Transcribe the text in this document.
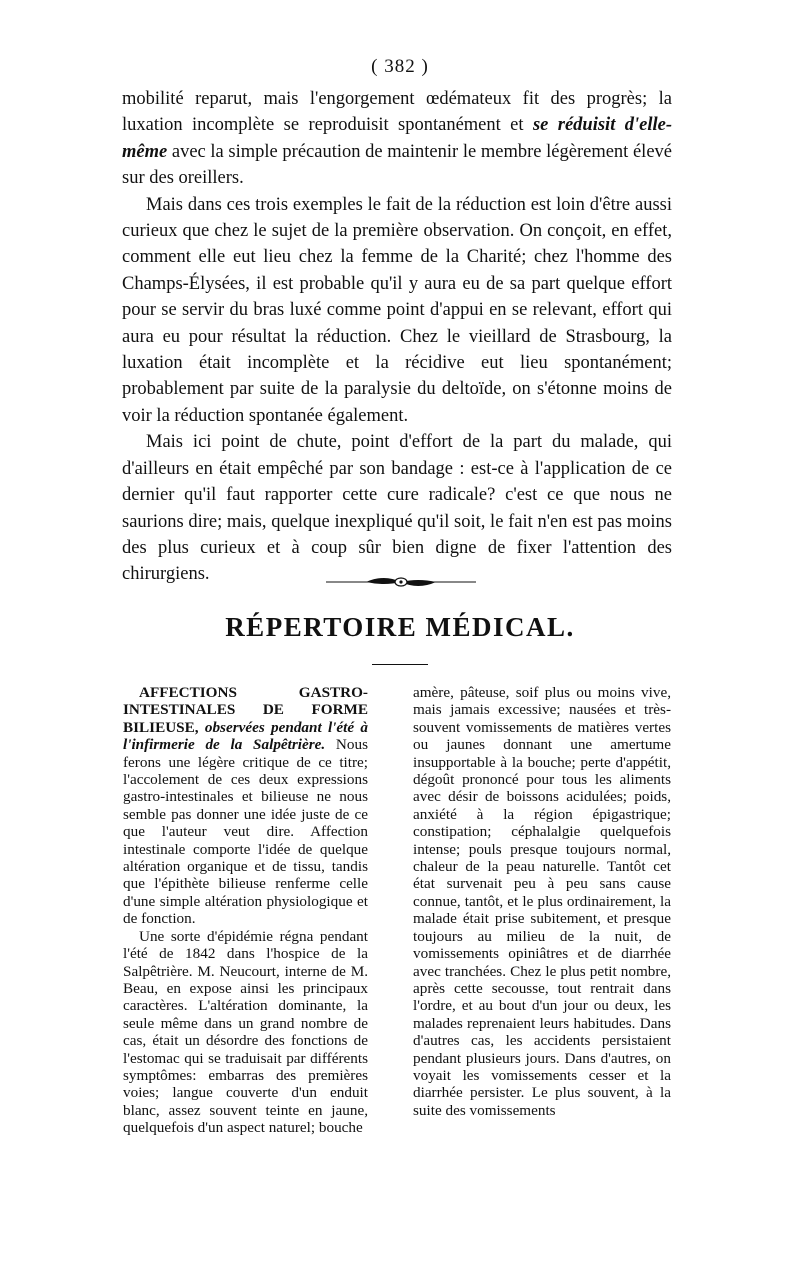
( 382 )

mobilité reparut, mais l'engorgement œdémateux fit des progrès; la luxation incomplète se reproduisit spontanément et se réduisit d'elle-même avec la simple précaution de maintenir le membre légèrement élevé sur des oreillers.

Mais dans ces trois exemples le fait de la réduction est loin d'être aussi curieux que chez le sujet de la première observation. On conçoit, en effet, comment elle eut lieu chez la femme de la Charité; chez l'homme des Champs-Élysées, il est probable qu'il y aura eu de sa part quelque effort pour se servir du bras luxé comme point d'appui en se relevant, effort qui aura eu pour résultat la réduction. Chez le vieillard de Strasbourg, la luxation était incomplète et la récidive eut lieu spontanément; probablement par suite de la paralysie du deltoïde, on s'étonne moins de voir la réduction spontanée également.

Mais ici point de chute, point d'effort de la part du malade, qui d'ailleurs en était empêché par son bandage : est-ce à l'application de ce dernier qu'il faut rapporter cette cure radicale? c'est ce que nous ne saurions dire; mais, quelque inexpliqué qu'il soit, le fait n'en est pas moins des plus curieux et à coup sûr bien digne de fixer l'attention des chirurgiens.

RÉPERTOIRE MÉDICAL.

AFFECTIONS GASTRO-INTESTINALES DE FORME BILIEUSE, observées pendant l'été à l'infirmerie de la Salpêtrière. Nous ferons une légère critique de ce titre; l'accolement de ces deux expressions gastro-intestinales et bilieuse ne nous semble pas donner une idée juste de ce que l'auteur veut dire. Affection intestinale comporte l'idée de quelque altération organique et de tissu, tandis que l'épithète bilieuse renferme celle d'une simple altération physiologique et de fonction.

Une sorte d'épidémie régna pendant l'été de 1842 dans l'hospice de la Salpêtrière. M. Neucourt, interne de M. Beau, en expose ainsi les principaux caractères. L'altération dominante, la seule même dans un grand nombre de cas, était un désordre des fonctions de l'estomac qui se traduisait par différents symptômes: embarras des premières voies; langue couverte d'un enduit blanc, assez souvent teinte en jaune, quelquefois d'un aspect naturel; bouche

amère, pâteuse, soif plus ou moins vive, mais jamais excessive; nausées et très-souvent vomissements de matières vertes ou jaunes donnant une amertume insupportable à la bouche; perte d'appétit, dégoût prononcé pour tous les aliments avec désir de boissons acidulées; poids, anxiété à la région épigastrique; constipation; céphalalgie quelquefois intense; pouls presque toujours normal, chaleur de la peau naturelle. Tantôt cet état survenait peu à peu sans cause connue, tantôt, et le plus ordinairement, la malade était prise subitement, et presque toujours au milieu de la nuit, de vomissements opiniâtres et de diarrhée avec tranchées. Chez le plus petit nombre, après cette secousse, tout rentrait dans l'ordre, et au bout d'un jour ou deux, les malades reprenaient leurs habitudes. Dans d'autres cas, les accidents persistaient pendant plusieurs jours. Dans d'autres, on voyait les vomissements cesser et la diarrhée persister. Le plus souvent, à la suite des vomissements
